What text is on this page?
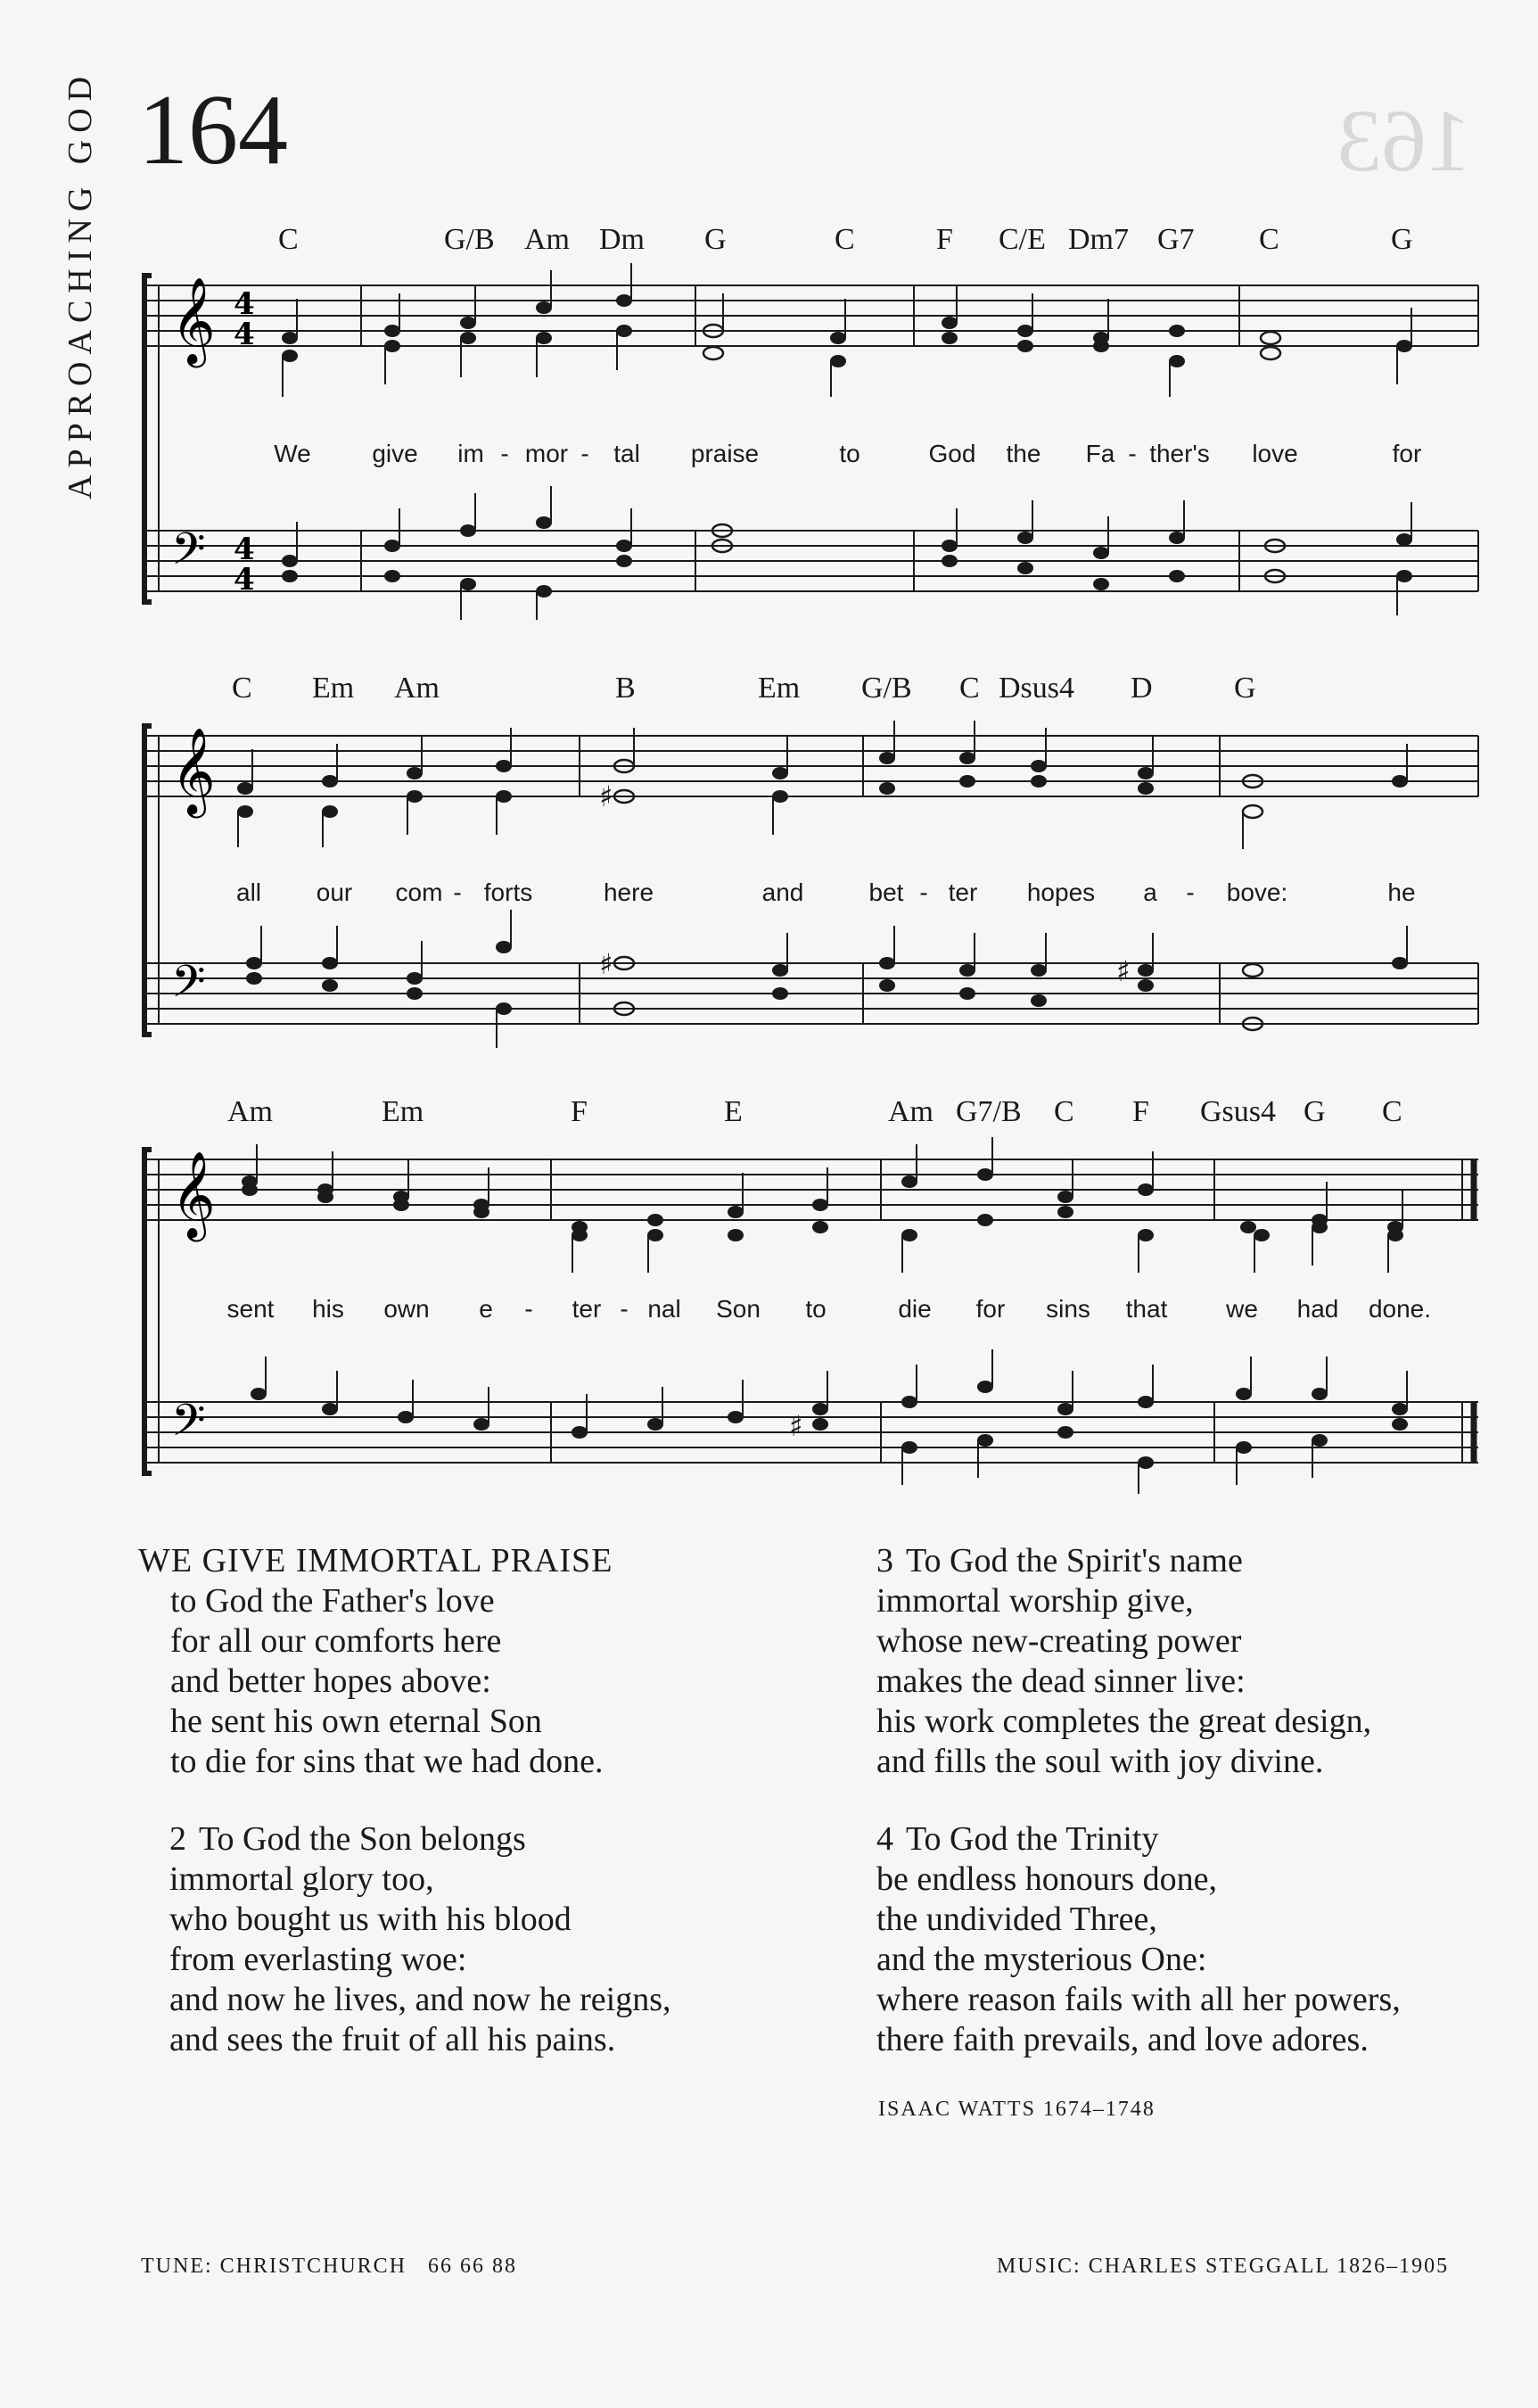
APPROACHING GOD 164	163
C	G/B Am Dm G	C	F C/E Dm7 G7 C	G
𝄞
𝄢
4
4
4
4
We give im - mor - tal praise	to	God the Fa - ther's love	for
C Em Am	B	Em G/B C Dsus4 D	G
𝄞
𝄢
♯
♯	♯
all our com - forts	here	and	bet - ter hopes a - bove:	he
Am	Em	F	E	Am G7/B C F Gsus4 G C
𝄞
𝄢	♯
sent his own e - ter - nal Son to	die for sins that we had done.
WE GIVE IMMORTAL PRAISE
to God the Father's love
for all our comforts here
and better hopes above:
he sent his own eternal Son
to die for sins that we had done.
2 To God the Son belongs
immortal glory too,
who bought us with his blood
from everlasting woe:
and now he lives, and now he reigns,
and sees the fruit of all his pains.
3 To God the Spirit's name
immortal worship give,
whose new-creating power
makes the dead sinner live:
his work completes the great design,
and fills the soul with joy divine.
4 To God the Trinity
be endless honours done,
the undivided Three,
and the mysterious One:
where reason fails with all her powers,
there faith prevails, and love adores.
ISAAC WATTS 1674–1748
TUNE: CHRISTCHURCH 66 66 88	MUSIC: CHARLES STEGGALL 1826–1905
